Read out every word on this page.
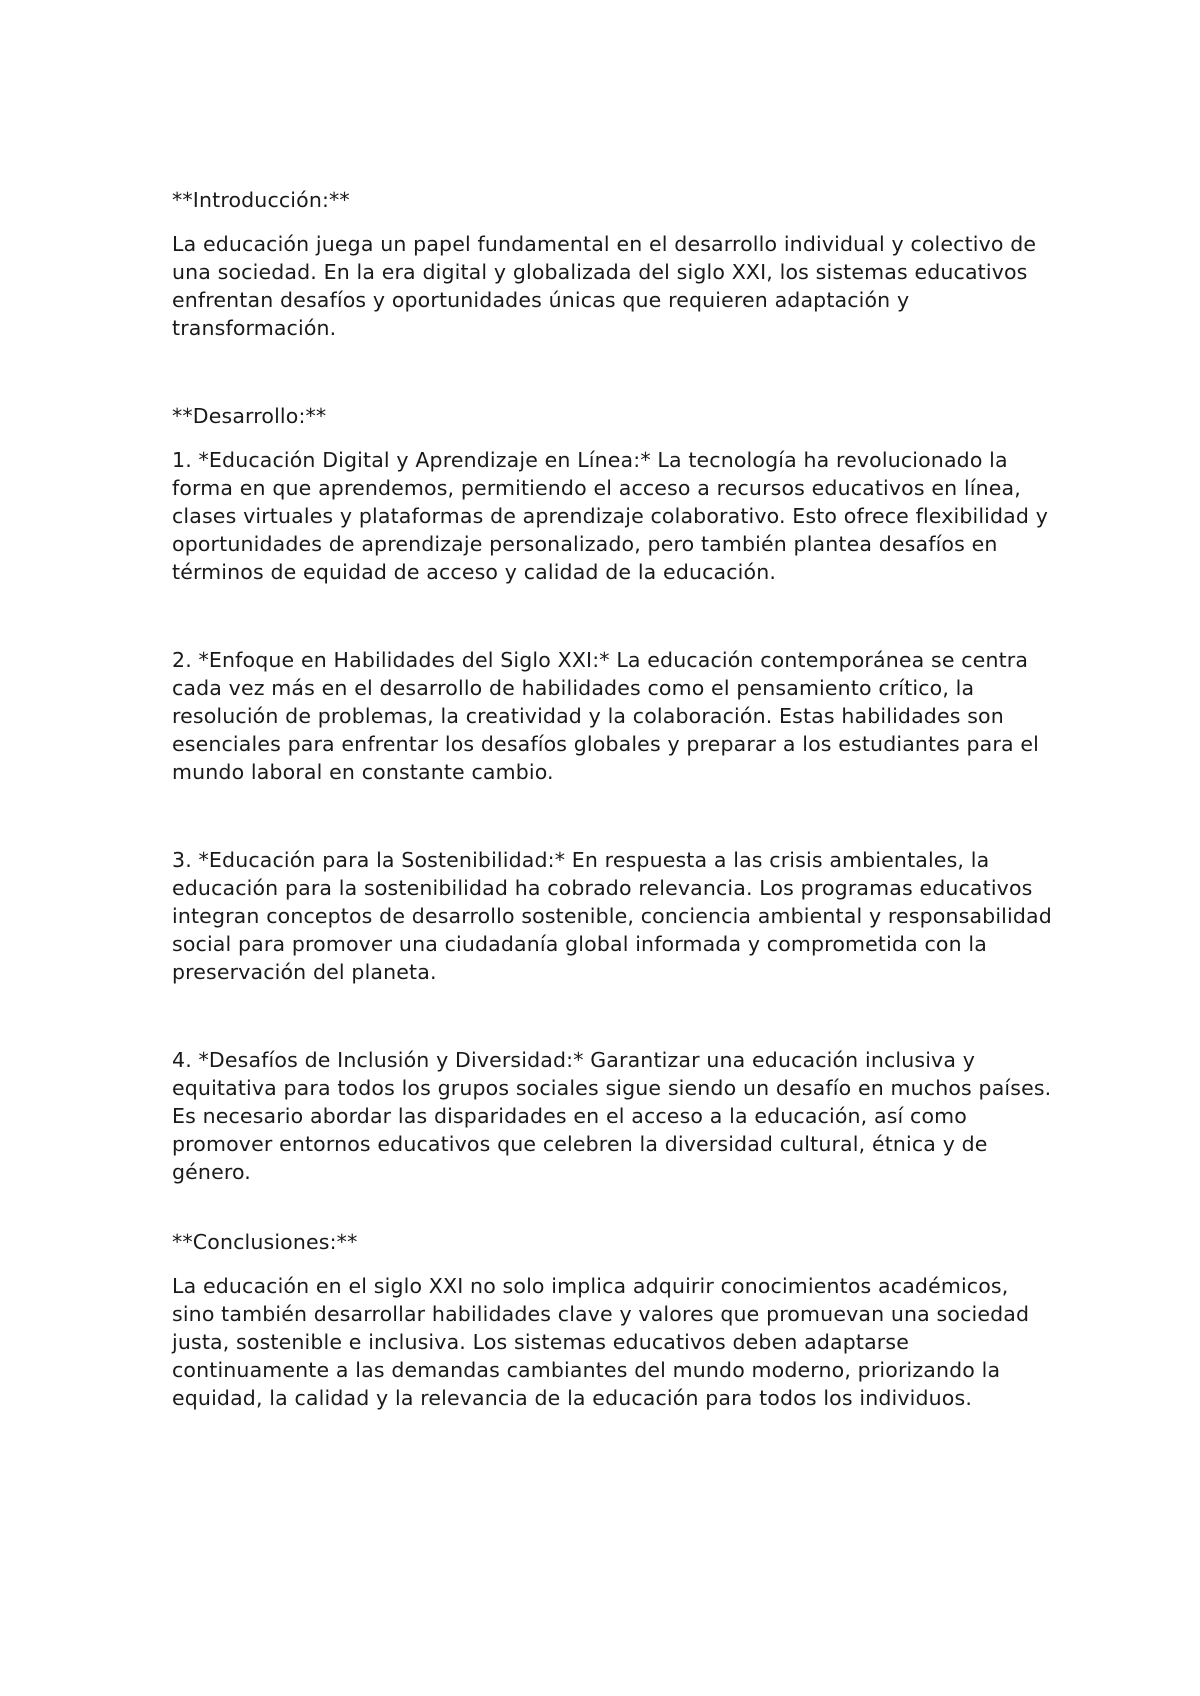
**Introducción:**

La educación juega un papel fundamental en el desarrollo individual y colectivo de una sociedad. En la era digital y globalizada del siglo XXI, los sistemas educativos enfrentan desafíos y oportunidades únicas que requieren adaptación y transformación.

**Desarrollo:**

1. *Educación Digital y Aprendizaje en Línea:* La tecnología ha revolucionado la forma en que aprendemos, permitiendo el acceso a recursos educativos en línea, clases virtuales y plataformas de aprendizaje colaborativo. Esto ofrece flexibilidad y oportunidades de aprendizaje personalizado, pero también plantea desafíos en términos de equidad de acceso y calidad de la educación.

2. *Enfoque en Habilidades del Siglo XXI:* La educación contemporánea se centra cada vez más en el desarrollo de habilidades como el pensamiento crítico, la resolución de problemas, la creatividad y la colaboración. Estas habilidades son esenciales para enfrentar los desafíos globales y preparar a los estudiantes para el mundo laboral en constante cambio.

3. *Educación para la Sostenibilidad:* En respuesta a las crisis ambientales, la educación para la sostenibilidad ha cobrado relevancia. Los programas educativos integran conceptos de desarrollo sostenible, conciencia ambiental y responsabilidad social para promover una ciudadanía global informada y comprometida con la preservación del planeta.

4. *Desafíos de Inclusión y Diversidad:* Garantizar una educación inclusiva y equitativa para todos los grupos sociales sigue siendo un desafío en muchos países. Es necesario abordar las disparidades en el acceso a la educación, así como promover entornos educativos que celebren la diversidad cultural, étnica y de género.

**Conclusiones:**

La educación en el siglo XXI no solo implica adquirir conocimientos académicos, sino también desarrollar habilidades clave y valores que promuevan una sociedad justa, sostenible e inclusiva. Los sistemas educativos deben adaptarse continuamente a las demandas cambiantes del mundo moderno, priorizando la equidad, la calidad y la relevancia de la educación para todos los individuos.
